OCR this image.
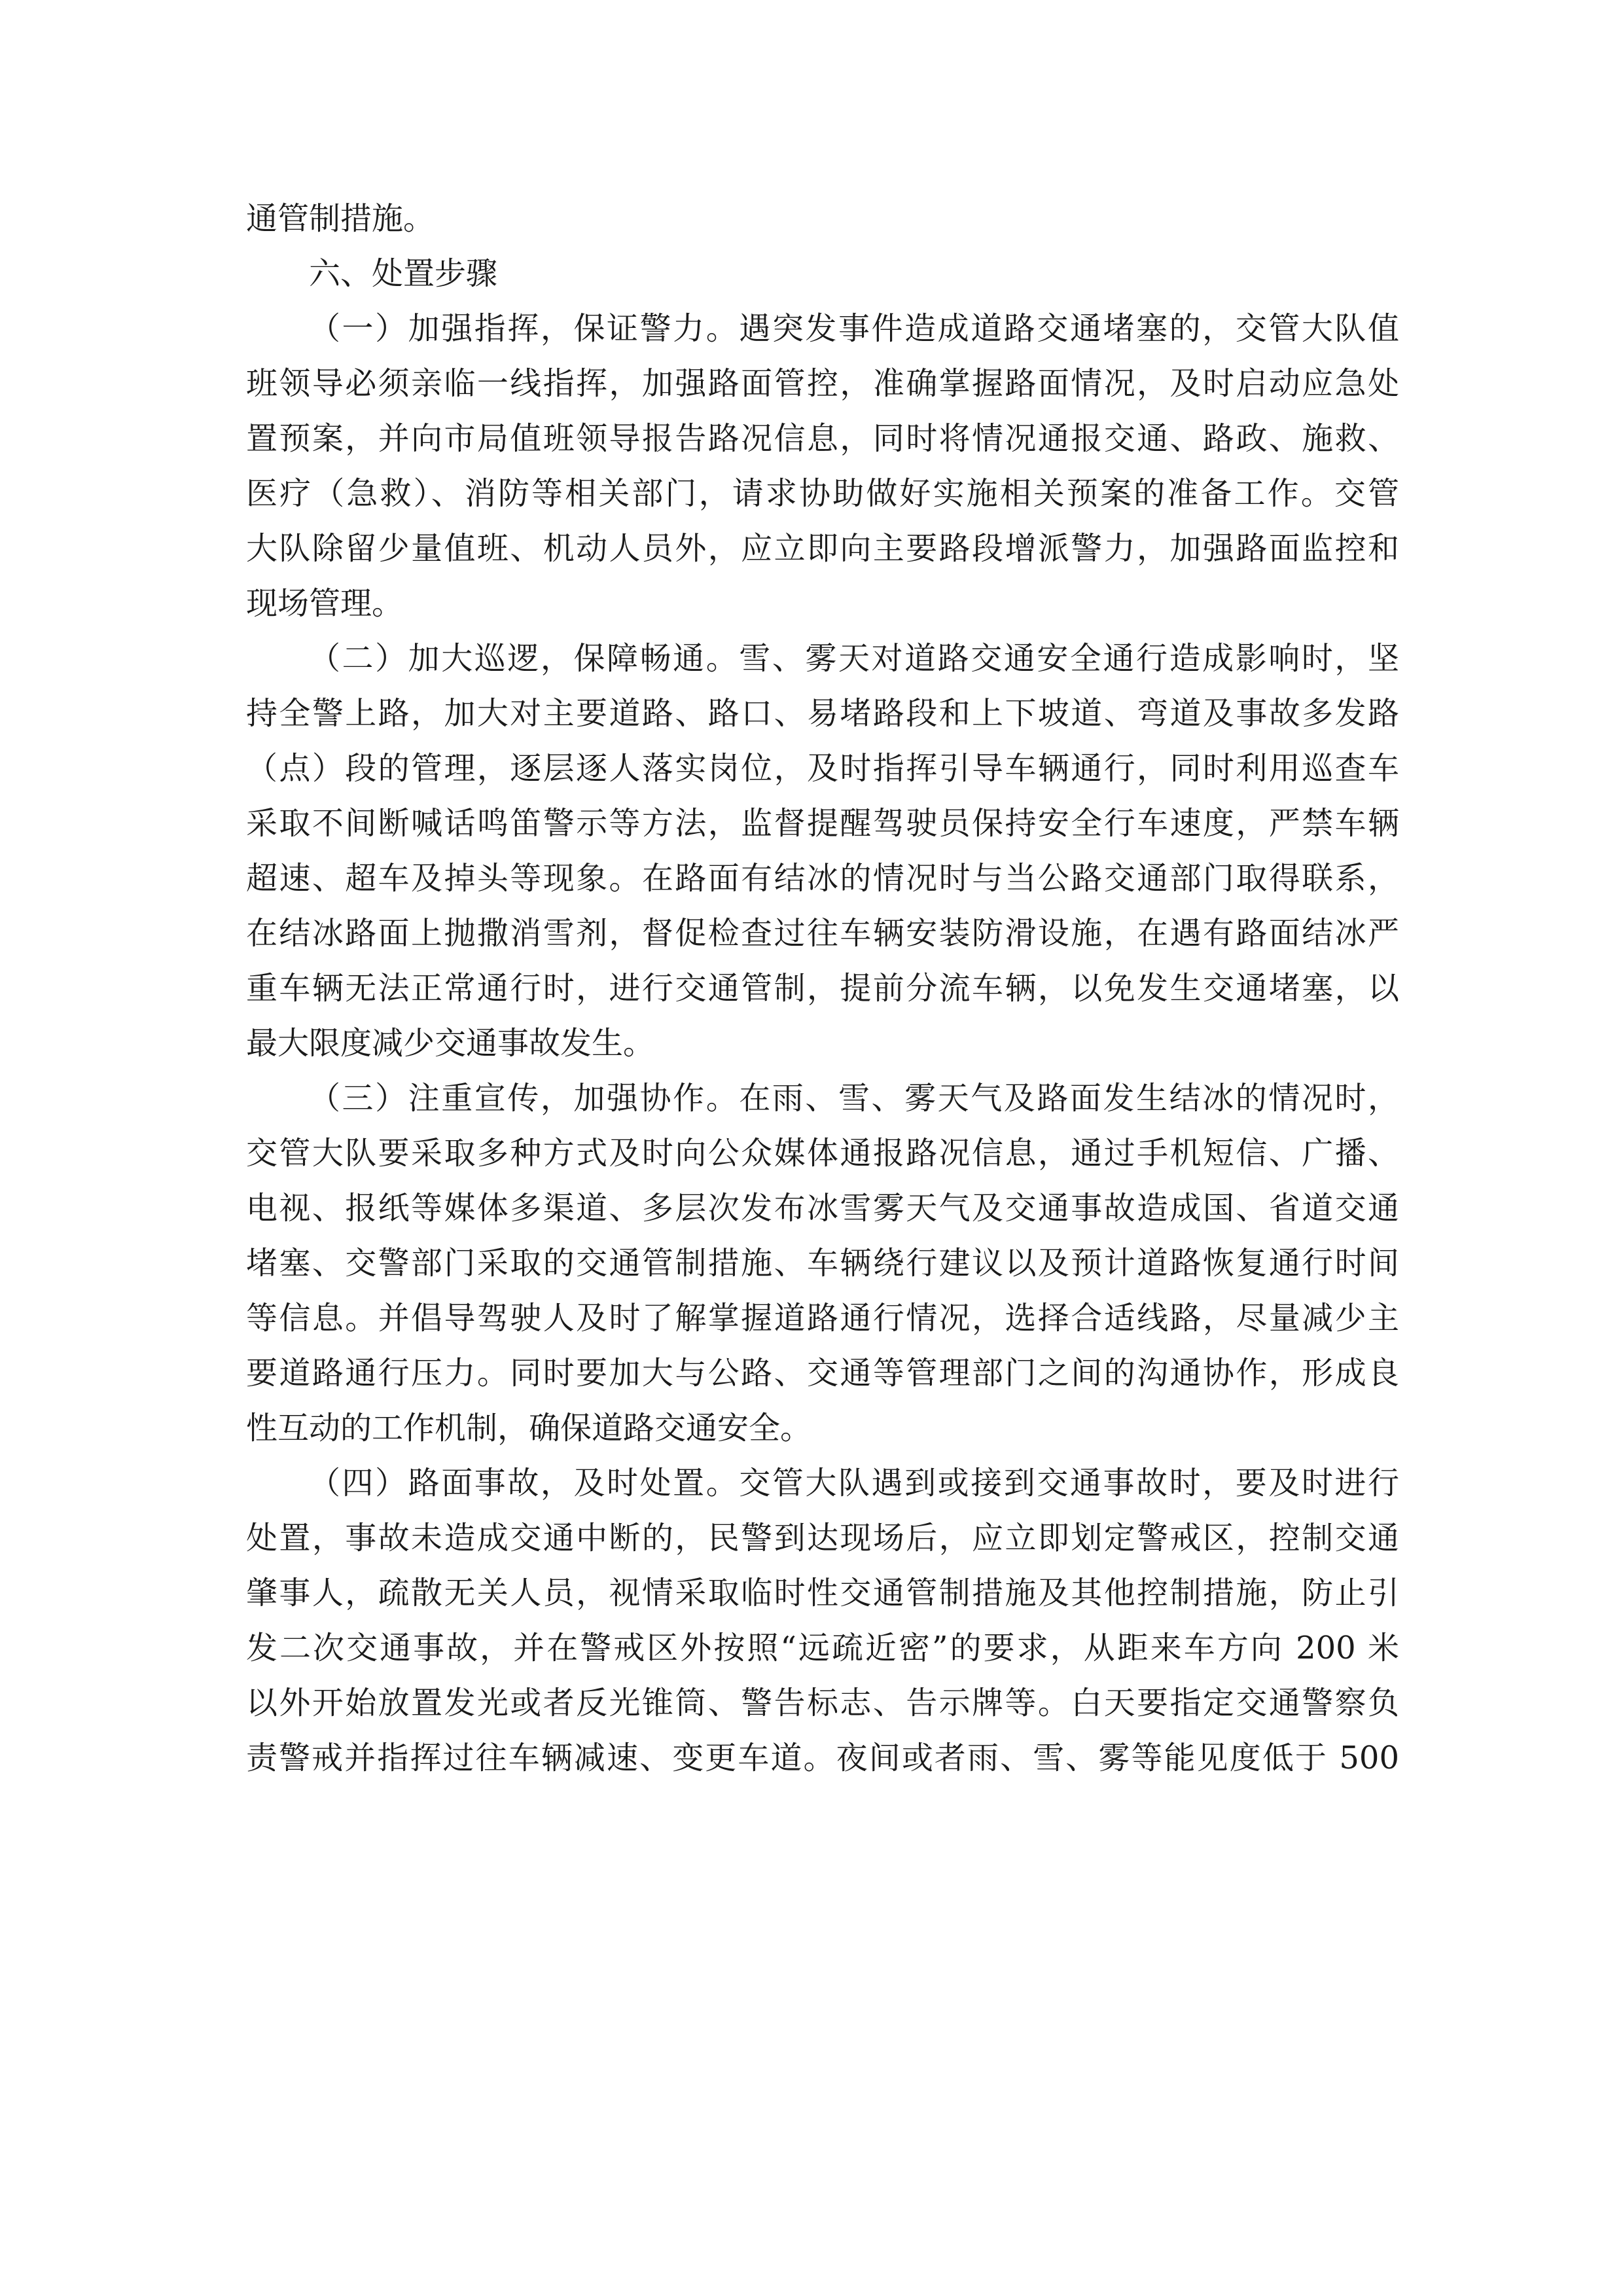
通管制措施。
六、处置步骤
（一）加强指挥，保证警力。遇突发事件造成道路交通堵塞的，交管大队值
班领导必须亲临一线指挥，加强路面管控，准确掌握路面情况，及时启动应急处
置预案，并向市局值班领导报告路况信息，同时将情况通报交通、路政、施救、
医疗（急救）、消防等相关部门，请求协助做好实施相关预案的准备工作。交管
大队除留少量值班、机动人员外，应立即向主要路段增派警力，加强路面监控和
现场管理。
（二）加大巡逻，保障畅通。雪、雾天对道路交通安全通行造成影响时，坚
持全警上路，加大对主要道路、路口、易堵路段和上下坡道、弯道及事故多发路
（点）段的管理，逐层逐人落实岗位，及时指挥引导车辆通行，同时利用巡查车
采取不间断喊话鸣笛警示等方法，监督提醒驾驶员保持安全行车速度，严禁车辆
超速、超车及掉头等现象。在路面有结冰的情况时与当公路交通部门取得联系，
在结冰路面上抛撒消雪剂，督促检查过往车辆安装防滑设施，在遇有路面结冰严
重车辆无法正常通行时，进行交通管制，提前分流车辆，以免发生交通堵塞，以
最大限度减少交通事故发生。
（三）注重宣传，加强协作。在雨、雪、雾天气及路面发生结冰的情况时，
交管大队要采取多种方式及时向公众媒体通报路况信息，通过手机短信、广播、
电视、报纸等媒体多渠道、多层次发布冰雪雾天气及交通事故造成国、省道交通
堵塞、交警部门采取的交通管制措施、车辆绕行建议以及预计道路恢复通行时间
等信息。并倡导驾驶人及时了解掌握道路通行情况，选择合适线路，尽量减少主
要道路通行压力。同时要加大与公路、交通等管理部门之间的沟通协作，形成良
性互动的工作机制，确保道路交通安全。
（四）路面事故，及时处置。交管大队遇到或接到交通事故时，要及时进行
处置，事故未造成交通中断的，民警到达现场后，应立即划定警戒区，控制交通
肇事人，疏散无关人员，视情采取临时性交通管制措施及其他控制措施，防止引
发二次交通事故，并在警戒区外按照“远疏近密”的要求，从距来车方向 200 米
以外开始放置发光或者反光锥筒、警告标志、告示牌等。白天要指定交通警察负
责警戒并指挥过往车辆减速、变更车道。夜间或者雨、雪、雾等能见度低于 500
